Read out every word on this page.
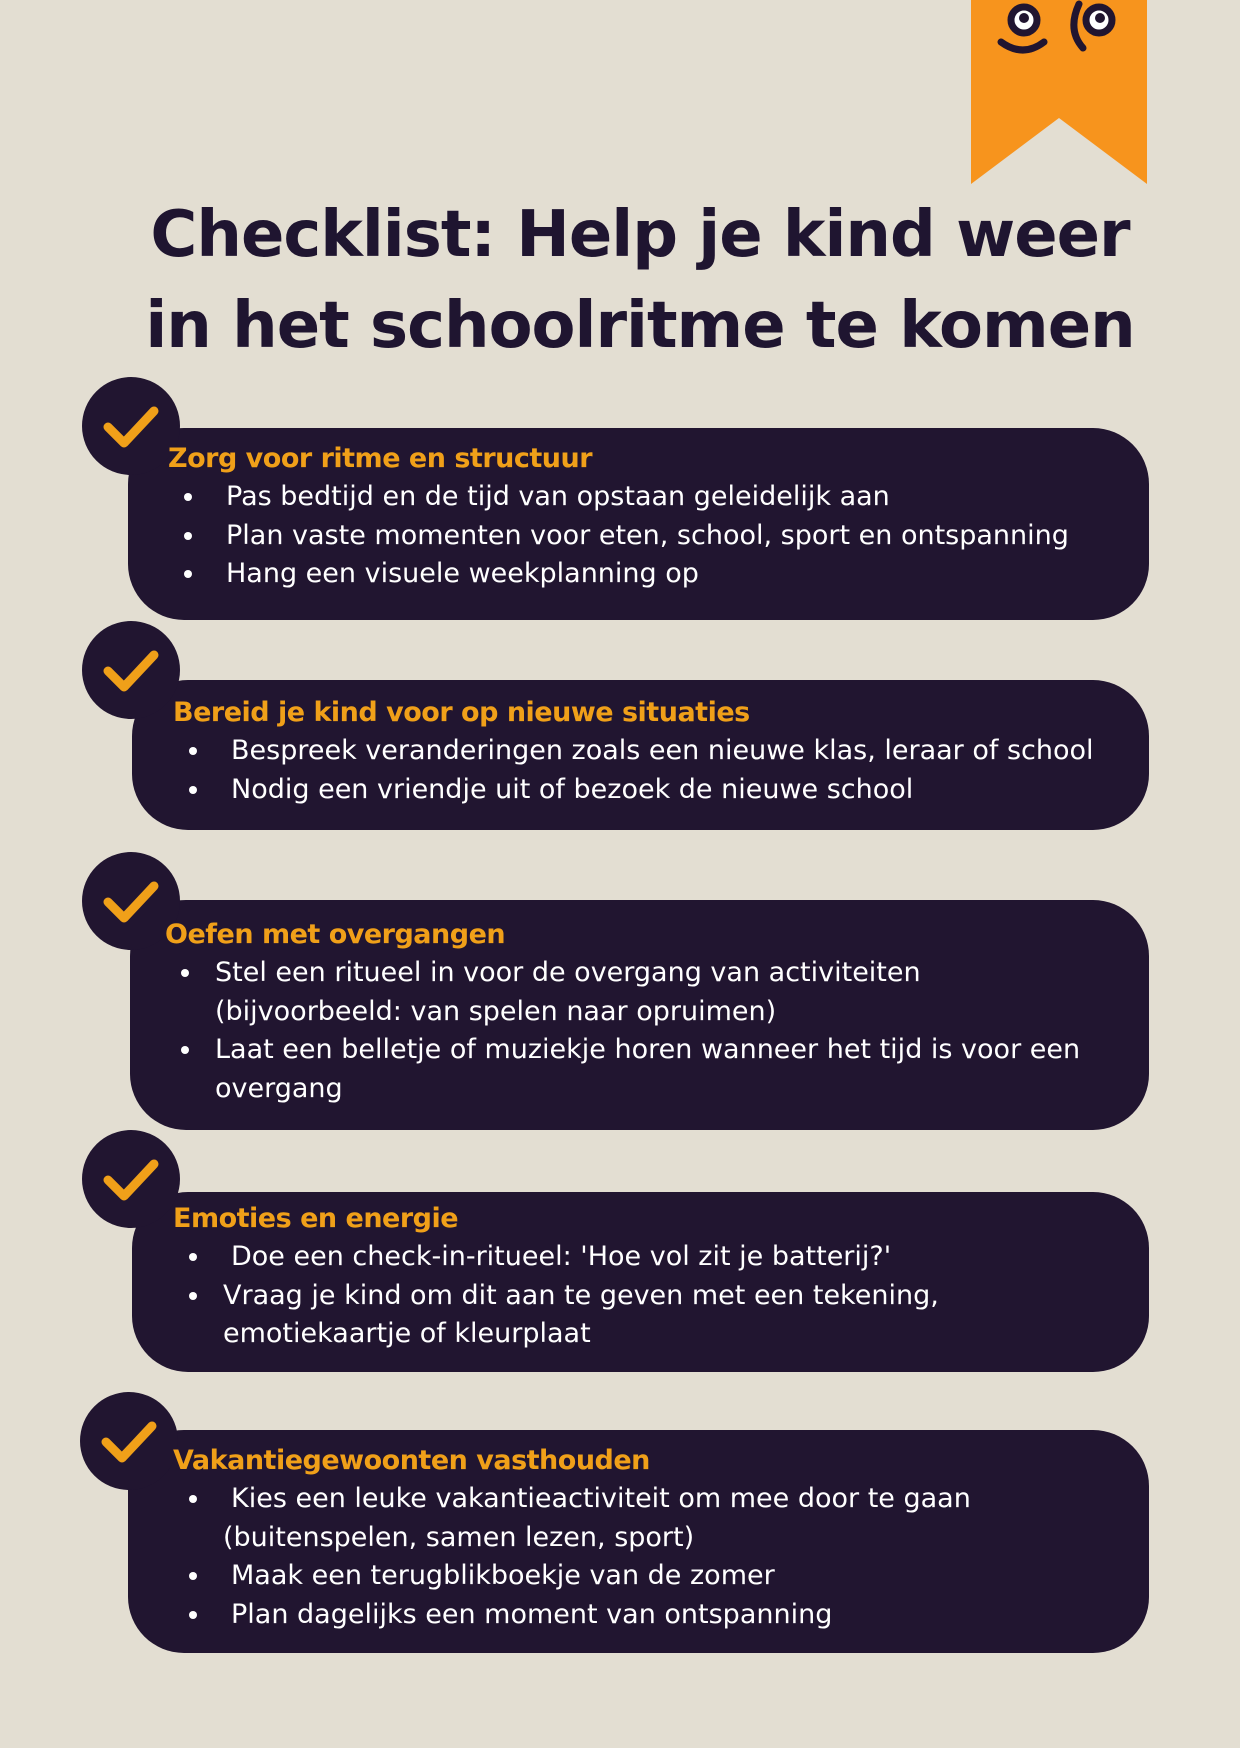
Checklist: Help je kind weer
in het schoolritme te komen
Zorg voor ritme en structuur
Pas bedtijd en de tijd van opstaan geleidelijk aan
Plan vaste momenten voor eten, school, sport en ontspanning
Hang een visuele weekplanning op
Bereid je kind voor op nieuwe situaties
Bespreek veranderingen zoals een nieuwe klas, leraar of school
Nodig een vriendje uit of bezoek de nieuwe school
Oefen met overgangen
Stel een ritueel in voor de overgang van activiteiten
(bijvoorbeeld: van spelen naar opruimen)
Laat een belletje of muziekje horen wanneer het tijd is voor een
overgang
Emoties en energie
Doe een check-in-ritueel: 'Hoe vol zit je batterij?'
Vraag je kind om dit aan te geven met een tekening,
emotiekaartje of kleurplaat
Vakantiegewoonten vasthouden
Kies een leuke vakantieactiviteit om mee door te gaan
(buitenspelen, samen lezen, sport)
Maak een terugblikboekje van de zomer
Plan dagelijks een moment van ontspanning
